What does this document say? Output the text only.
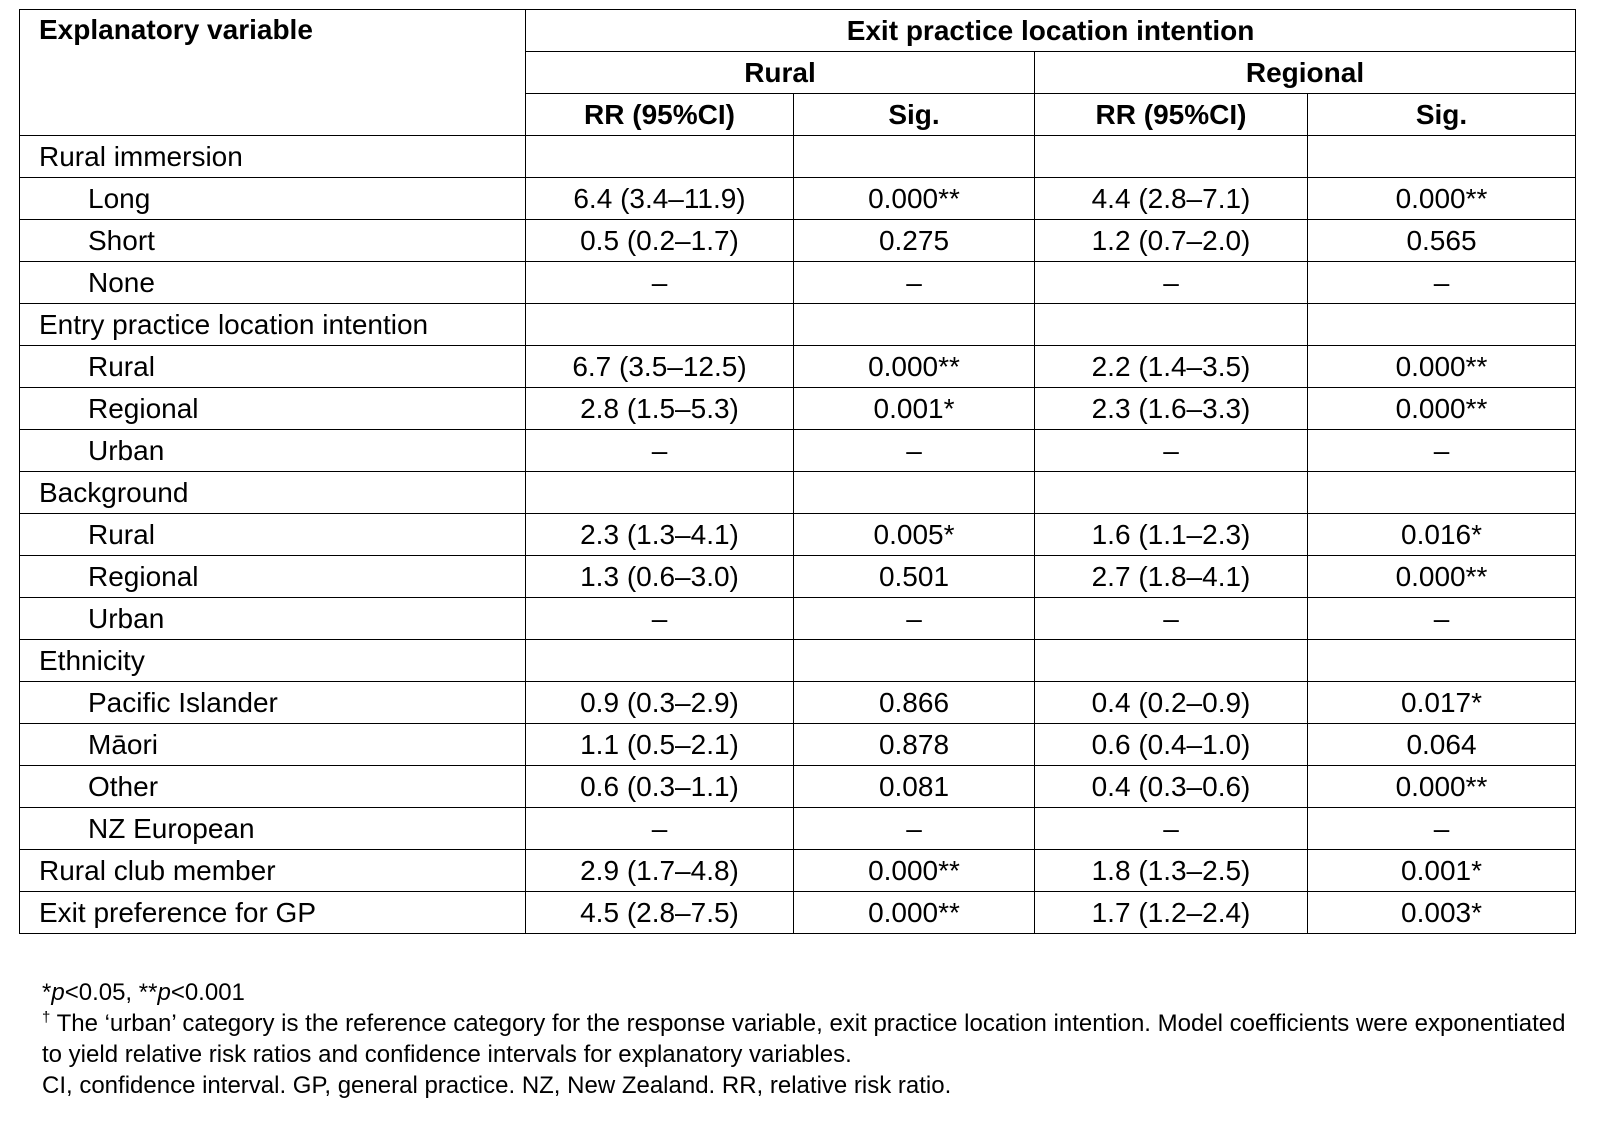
Explanatory variable	Exit practice location intention			
	Rural		Regional	
	RR (95%CI)	Sig.	RR (95%CI)	Sig.
Rural immersion				
Long	6.4 (3.4–11.9)	0.000**	4.4 (2.8–7.1)	0.000**
Short	0.5 (0.2–1.7)	0.275	1.2 (0.7–2.0)	0.565
None	–	–	–	–
Entry practice location intention				
Rural	6.7 (3.5–12.5)	0.000**	2.2 (1.4–3.5)	0.000**
Regional	2.8 (1.5–5.3)	0.001*	2.3 (1.6–3.3)	0.000**
Urban	–	–	–	–
Background				
Rural	2.3 (1.3–4.1)	0.005*	1.6 (1.1–2.3)	0.016*
Regional	1.3 (0.6–3.0)	0.501	2.7 (1.8–4.1)	0.000**
Urban	–	–	–	–
Ethnicity				
Pacific Islander	0.9 (0.3–2.9)	0.866	0.4 (0.2–0.9)	0.017*
Māori	1.1 (0.5–2.1)	0.878	0.6 (0.4–1.0)	0.064
Other	0.6 (0.3–1.1)	0.081	0.4 (0.3–0.6)	0.000**
NZ European	–	–	–	–
Rural club member	2.9 (1.7–4.8)	0.000**	1.8 (1.3–2.5)	0.001*
Exit preference for GP	4.5 (2.8–7.5)	0.000**	1.7 (1.2–2.4)	0.003*
*p<0.05, **p<0.001
† The ‘urban’ category is the reference category for the response variable, exit practice location intention. Model coefficients were exponentiated to yield relative risk ratios and confidence intervals for explanatory variables.
CI, confidence interval. GP, general practice. NZ, New Zealand. RR, relative risk ratio.
